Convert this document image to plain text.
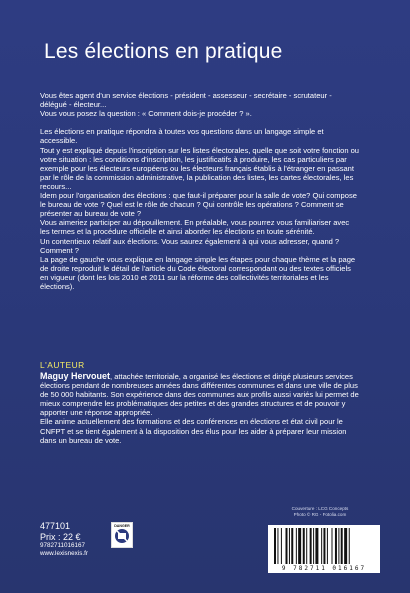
Les élections en pratique

Vous êtes agent d'un service élections - président - assesseur - secrétaire - scrutateur - délégué - électeur...

Vous vous posez la question : « Comment dois-je procéder ? ».

Les élections en pratique répondra à toutes vos questions dans un langage simple et accessible.

Tout y est expliqué depuis l'inscription sur les listes électorales, quelle que soit votre fonction ou votre situation : les conditions d'inscription, les justificatifs à produire, les cas particuliers par exemple pour les électeurs européens ou les électeurs français établis à l'étranger en passant par le rôle de la commission administrative, la publication des listes, les cartes électorales, les recours...

Idem pour l'organisation des élections : que faut-il préparer pour la salle de vote? Qui compose le bureau de vote ? Quel est le rôle de chacun ? Qui contrôle les opérations ? Comment se présenter au bureau de vote ?

Vous aimeriez participer au dépouillement. En préalable, vous pourrez vous familiariser avec les termes et la procédure officielle et ainsi aborder les élections en toute sérénité.

Un contentieux relatif aux élections. Vous saurez également à qui vous adresser, quand ? Comment ?

La page de gauche vous explique en langage simple les étapes pour chaque thème et la page de droite reproduit le détail de l'article du Code électoral correspondant ou des textes officiels en vigueur (dont les lois 2010 et 2011 sur la réforme des collectivités territoriales et les élections).

L'AUTEUR

Maguy Hervouet, attachée territoriale, a organisé les élections et dirigé plusieurs services élections pendant de nombreuses années dans différentes communes et dans une ville de plus de 50 000 habitants. Son expérience dans des communes aux profils aussi variés lui permet de mieux comprendre les problématiques des petites et des grandes structures et de pouvoir y apporter une réponse appropriée.

Elle anime actuellement des formations et des conférences en élections et état civil pour le CNFPT et se tient également à la disposition des élus pour les aider à préparer leur mission dans un bureau de vote.

477101
Prix : 22 €
9782711016167
www.lexisnexis.fr
DANGER
Couverture : LCG Concepts
Photo © RG - Fotolia.com
9 782711 016167
